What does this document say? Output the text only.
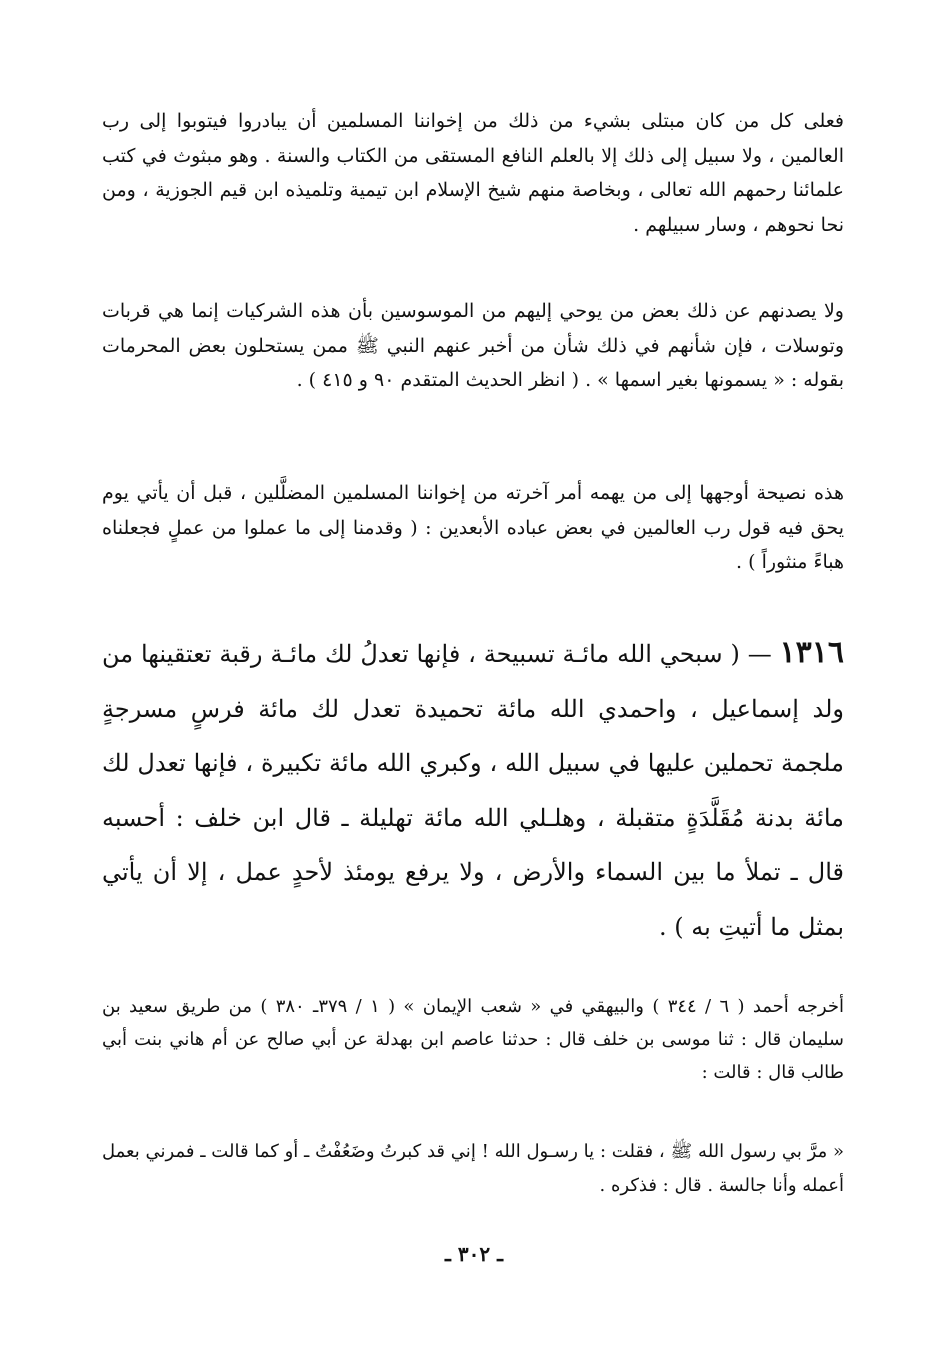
فعلى كل من كان مبتلى بشيء من ذلك من إخواننا المسلمين أن يبادروا فيتوبوا إلى رب العالمين ، ولا سبيل إلى ذلك إلا بالعلم النافع المستقى من الكتاب والسنة . وهو مبثوث في كتب علمائنا رحمهم الله تعالى ، وبخاصة منهم شيخ الإسلام ابن تيمية وتلميذه ابن قيم الجوزية ، ومن نحا نحوهم ، وسار سبيلهم .

ولا يصدنهم عن ذلك بعض من يوحي إليهم من الموسوسين بأن هذه الشركيات إنما هي قربات وتوسلات ، فإن شأنهم في ذلك شأن من أخبر عنهم النبي ﷺ ممن يستحلون بعض المحرمات بقوله : « يسمونها بغير اسمها » . ( انظر الحديث المتقدم ٩٠ و ٤١٥ ) .

هذه نصيحة أوجهها إلى من يهمه أمر آخرته من إخواننا المسلمين المضلَّلين ، قبل أن يأتي يوم يحق فيه قول رب العالمين في بعض عباده الأبعدين : ( وقدمنا إلى ما عملوا من عملٍ فجعلناه هباءً منثوراً ) .

١٣١٦ — ( سبحي الله مائـة تسبيحة ، فإنها تعدلُ لك مائـة رقبة تعتقينها من ولد إسماعيل ، واحمدي الله مائة تحميدة تعدل لك مائة فرسٍ مسرجةٍ ملجمة تحملين عليها في سبيل الله ، وكبري الله مائة تكبيرة ، فإنها تعدل لك مائة بدنة مُقَلَّدَةٍ متقبلة ، وهلـلي الله مائة تهليلة ـ قال ابن خلف : أحسبه قال ـ تملأ ما بين السماء والأرض ، ولا يرفع يومئذ لأحدٍ عمل ، إلا أن يأتي بمثل ما أتيتِ به ) .

أخرجه أحمد ( ٦ / ٣٤٤ ) والبيهقي في « شعب الإيمان » ( ١ / ٣٧٩ـ ٣٨٠ ) من طريق سعيد بن سليمان قال : ثنا موسى بن خلف قال : حدثنا عاصم ابن بهدلة عن أبي صالح عن أم هاني بنت أبي طالب قال : قالت :

« مرَّ بي رسول الله ﷺ ، فقلت : يا رسـول الله ! إني قد كبرتُ وضَعُفْتُ ـ أو كما قالت ـ فمرني بعمل أعمله وأنا جالسة . قال : فذكره .

ـ ٣٠٢ ـ
